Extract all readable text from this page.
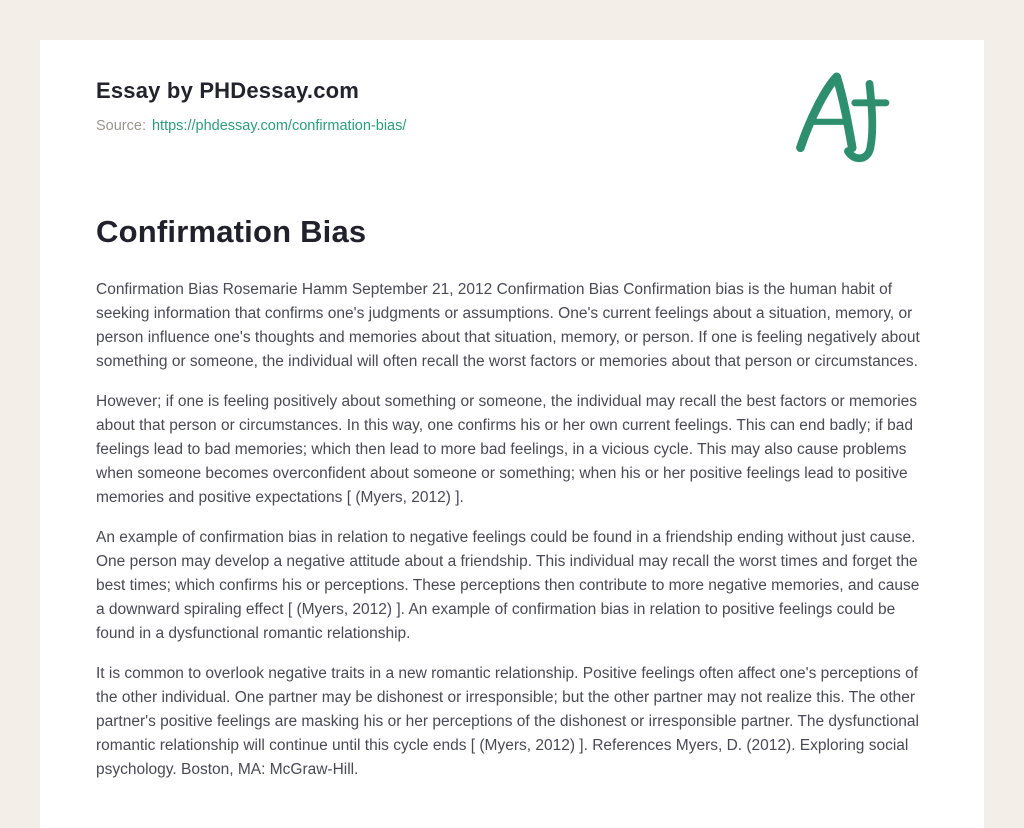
Essay by PHDessay.com
Source: https://phdessay.com/confirmation-bias/
Confirmation Bias

Confirmation Bias Rosemarie Hamm September 21, 2012 Confirmation Bias Confirmation bias is the human habit of seeking information that confirms one's judgments or assumptions. One's current feelings about a situation, memory, or person influence one's thoughts and memories about that situation, memory, or person. If one is feeling negatively about something or someone, the individual will often recall the worst factors or memories about that person or circumstances.

However; if one is feeling positively about something or someone, the individual may recall the best factors or memories about that person or circumstances. In this way, one confirms his or her own current feelings. This can end badly; if bad feelings lead to bad memories; which then lead to more bad feelings, in a vicious cycle. This may also cause problems when someone becomes overconfident about someone or something; when his or her positive feelings lead to positive memories and positive expectations [ (Myers, 2012) ].

An example of confirmation bias in relation to negative feelings could be found in a friendship ending without just cause. One person may develop a negative attitude about a friendship. This individual may recall the worst times and forget the best times; which confirms his or perceptions. These perceptions then contribute to more negative memories, and cause a downward spiraling effect [ (Myers, 2012) ]. An example of confirmation bias in relation to positive feelings could be found in a dysfunctional romantic relationship.

It is common to overlook negative traits in a new romantic relationship. Positive feelings often affect one's perceptions of the other individual. One partner may be dishonest or irresponsible; but the other partner may not realize this. The other partner's positive feelings are masking his or her perceptions of the dishonest or irresponsible partner. The dysfunctional romantic relationship will continue until this cycle ends [ (Myers, 2012) ]. References Myers, D. (2012). Exploring social psychology. Boston, MA: McGraw-Hill.
